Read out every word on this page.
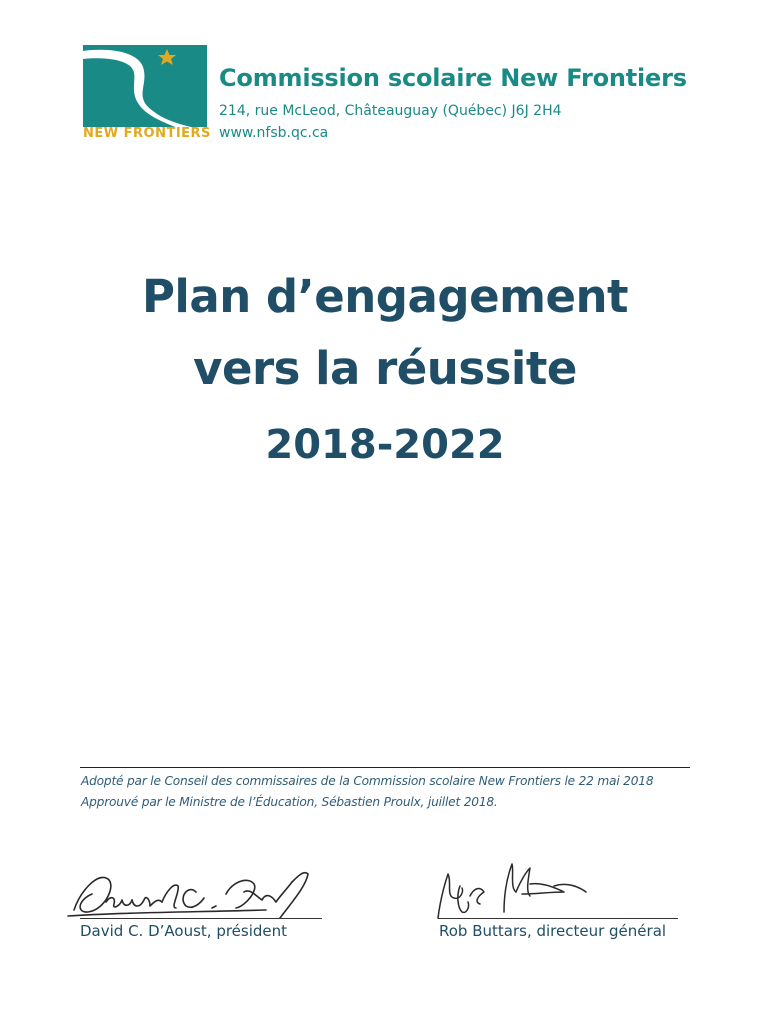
NEW FRONTIERS
Commission scolaire New Frontiers
214, rue McLeod, Châteauguay (Québec) J6J 2H4
www.nfsb.qc.ca
Plan d’engagement
vers la réussite
2018-2022
Adopté par le Conseil des commissaires de la Commission scolaire New Frontiers le 22 mai 2018
Approuvé par le Ministre de l’Éducation, Sébastien Proulx, juillet 2018.
David C. D’Aoust, président	Rob Buttars, directeur général
